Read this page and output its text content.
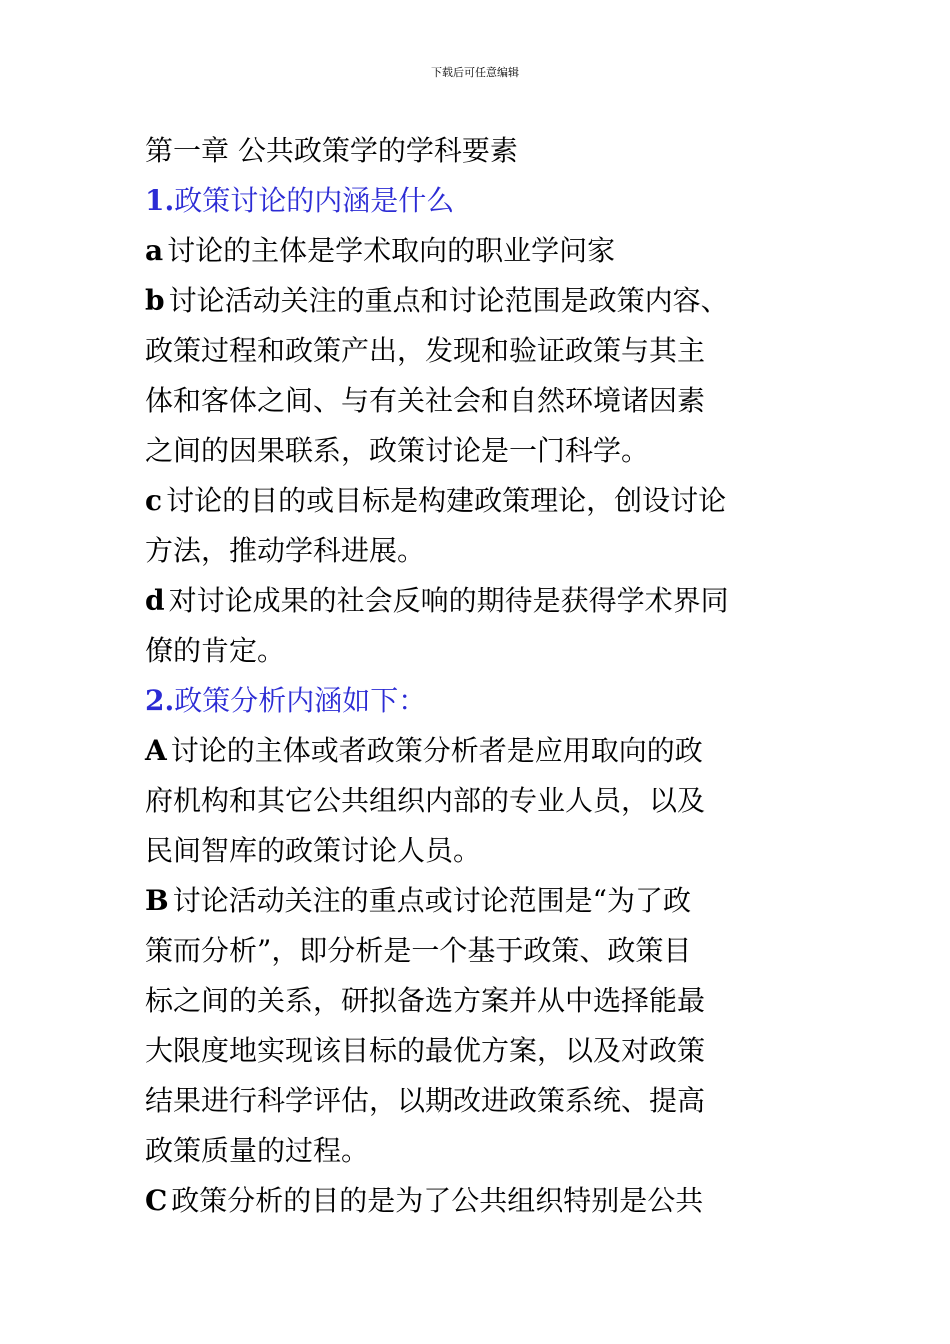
下载后可任意编辑
第一章 公共政策学的学科要素
1.政策讨论的内涵是什么
a 讨论的主体是学术取向的职业学问家
b 讨论活动关注的重点和讨论范围是政策内容、
政策过程和政策产出，发现和验证政策与其主
体和客体之间、与有关社会和自然环境诸因素
之间的因果联系，政策讨论是一门科学。
c 讨论的目的或目标是构建政策理论，创设讨论
方法，推动学科进展。
d 对讨论成果的社会反响的期待是获得学术界同
僚的肯定。
2.政策分析内涵如下：
A 讨论的主体或者政策分析者是应用取向的政
府机构和其它公共组织内部的专业人员，以及
民间智库的政策讨论人员。
B 讨论活动关注的重点或讨论范围是“为了政
策而分析”，即分析是一个基于政策、政策目
标之间的关系，研拟备选方案并从中选择能最
大限度地实现该目标的最优方案，以及对政策
结果进行科学评估，以期改进政策系统、提高
政策质量的过程。
C 政策分析的目的是为了公共组织特别是公共
